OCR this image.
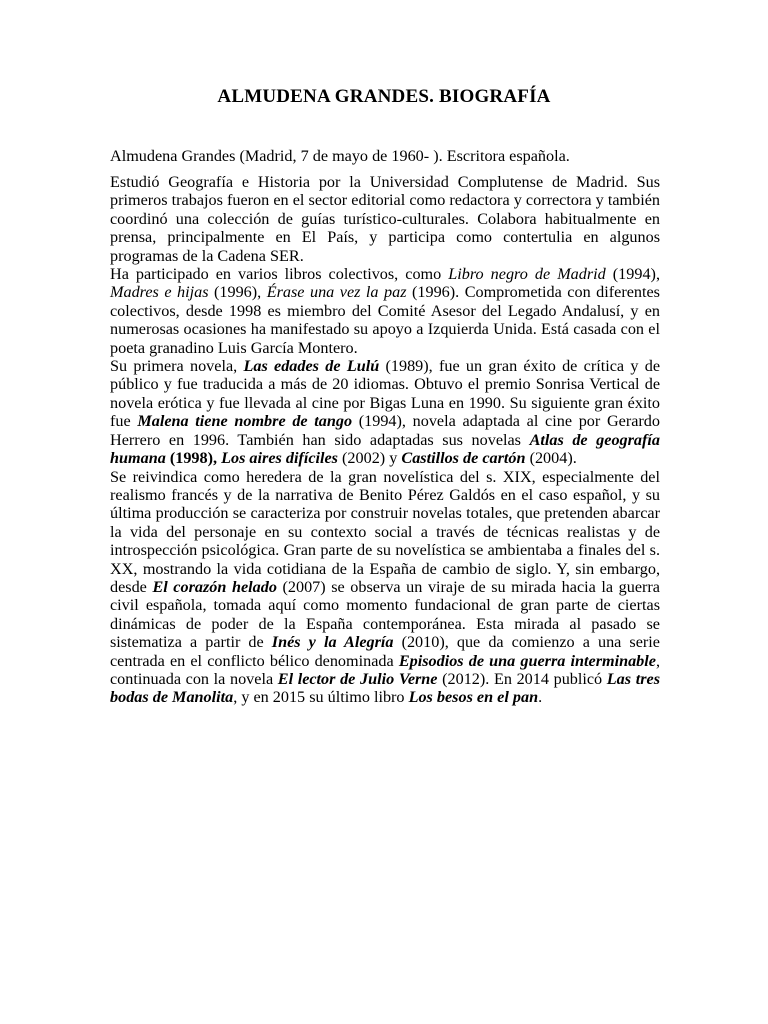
ALMUDENA GRANDES. BIOGRAFÍA

Almudena Grandes (Madrid, 7 de mayo de 1960- ). Escritora española.

Estudió Geografía e Historia por la Universidad Complutense de Madrid. Sus primeros trabajos fueron en el sector editorial como redactora y correctora y también coordinó una colección de guías turístico-culturales. Colabora habitualmente en prensa, principalmente en El País, y participa como contertulia en algunos programas de la Cadena SER.

Ha participado en varios libros colectivos, como Libro negro de Madrid (1994), Madres e hijas (1996), Érase una vez la paz (1996). Comprometida con diferentes colectivos, desde 1998 es miembro del Comité Asesor del Legado Andalusí, y en numerosas ocasiones ha manifestado su apoyo a Izquierda Unida. Está casada con el poeta granadino Luis García Montero.

Su primera novela, Las edades de Lulú (1989), fue un gran éxito de crítica y de público y fue traducida a más de 20 idiomas. Obtuvo el premio Sonrisa Vertical de novela erótica y fue llevada al cine por Bigas Luna en 1990. Su siguiente gran éxito fue Malena tiene nombre de tango (1994), novela adaptada al cine por Gerardo Herrero en 1996. También han sido adaptadas sus novelas Atlas de geografía humana (1998), Los aires difíciles (2002) y Castillos de cartón (2004).

Se reivindica como heredera de la gran novelística del s. XIX, especialmente del realismo francés y de la narrativa de Benito Pérez Galdós en el caso español, y su última producción se caracteriza por construir novelas totales, que pretenden abarcar la vida del personaje en su contexto social a través de técnicas realistas y de introspección psicológica. Gran parte de su novelística se ambientaba a finales del s. XX, mostrando la vida cotidiana de la España de cambio de siglo. Y, sin embargo, desde El corazón helado (2007) se observa un viraje de su mirada hacia la guerra civil española, tomada aquí como momento fundacional de gran parte de ciertas dinámicas de poder de la España contemporánea. Esta mirada al pasado se sistematiza a partir de Inés y la Alegría (2010), que da comienzo a una serie centrada en el conflicto bélico denominada Episodios de una guerra interminable, continuada con la novela El lector de Julio Verne (2012). En 2014 publicó Las tres bodas de Manolita, y en 2015 su último libro Los besos en el pan.
